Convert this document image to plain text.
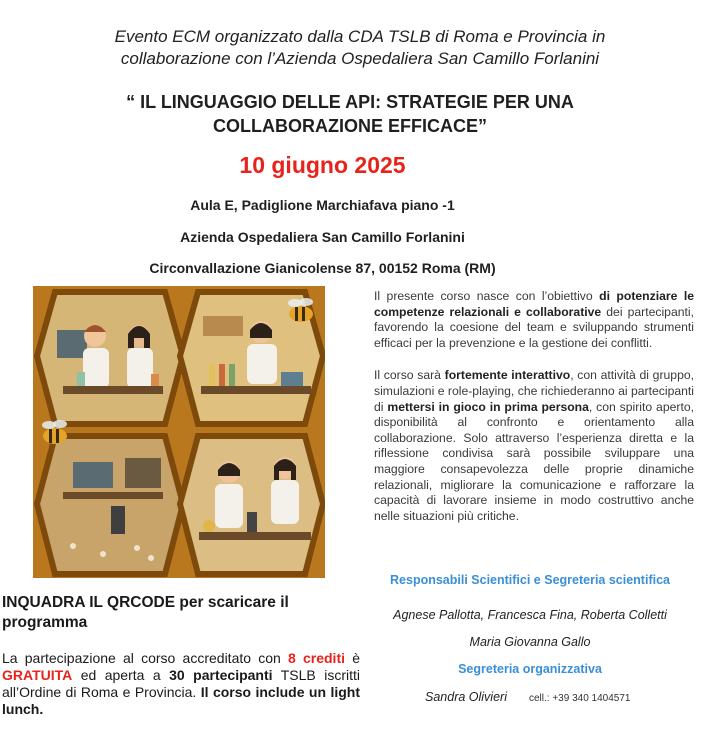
Evento ECM organizzato dalla CDA TSLB di Roma e Provincia in
collaborazione con l’Azienda Ospedaliera San Camillo Forlanini
“ IL LINGUAGGIO DELLE API: STRATEGIE PER UNA
COLLABORAZIONE EFFICACE”
10 giugno 2025
Aula E, Padiglione Marchiafava piano -1
Azienda Ospedaliera San Camillo Forlanini
Circonvallazione Gianicolense 87, 00152 Roma (RM)

Il presente corso nasce con l’obiettivo di potenziare le competenze relazionali e collaborative dei partecipanti, favorendo la coesione del team e sviluppando strumenti efficaci per la prevenzione e la gestione dei conflitti.

Il corso sarà fortemente interattivo, con attività di gruppo, simulazioni e role-playing, che richiederanno ai partecipanti di mettersi in gioco in prima persona, con spirito aperto, disponibilità al confronto e orientamento alla collaborazione. Solo attraverso l’esperienza diretta e la riflessione condivisa sarà possibile sviluppare una maggiore consapevolezza delle proprie dinamiche relazionali, migliorare la comunicazione e rafforzare la capacità di lavorare insieme in modo costruttivo anche nelle situazioni più critiche.

INQUADRA IL QRCODE per scaricare il programma
La partecipazione al corso accreditato con 8 crediti è GRATUITA ed aperta a 30 partecipanti TSLB iscritti all’Ordine di Roma e Provincia. Il corso include un light lunch.
Responsabili Scientifici e Segreteria scientifica
Agnese Pallotta, Francesca Fina, Roberta Colletti
Maria Giovanna Gallo
Segreteria organizzativa
Sandra Olivieri cell.: +39 340 1404571
